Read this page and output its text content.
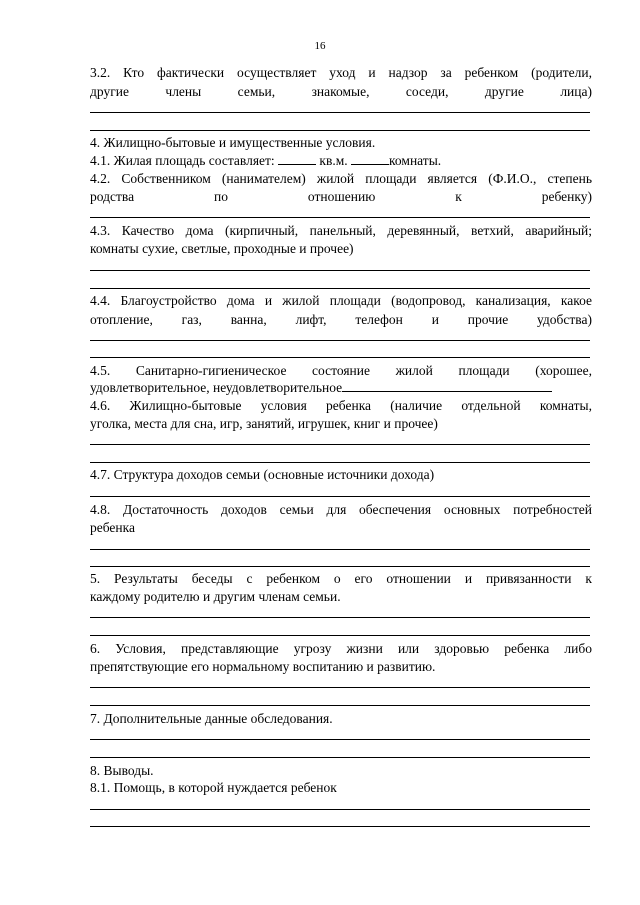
16
3.2. Кто фактически осуществляет уход и надзор за ребенком (родители,
другие члены семьи, знакомые, соседи, другие лица)
4. Жилищно-бытовые и имущественные условия.
4.1. Жилая площадь составляет:	кв.м.	комнаты.
4.2. Собственником (нанимателем) жилой площади является (Ф.И.О., степень
родства по отношению к ребенку)
4.3. Качество дома (кирпичный, панельный, деревянный, ветхий, аварийный;
комнаты сухие, светлые, проходные и прочее)
4.4. Благоустройство дома и жилой площади (водопровод, канализация, какое
отопление, газ, ванна, лифт, телефон и прочие удобства)
4.5. Санитарно-гигиеническое состояние жилой площади (хорошее,
удовлетворительное, неудовлетворительное
4.6. Жилищно-бытовые условия ребенка (наличие отдельной комнаты,
уголка, места для сна, игр, занятий, игрушек, книг и прочее)
4.7. Структура доходов семьи (основные источники дохода)
4.8. Достаточность доходов семьи для обеспечения основных потребностей
ребенка
5. Результаты беседы с ребенком о его отношении и привязанности к
каждому родителю и другим членам семьи.
6. Условия, представляющие угрозу жизни или здоровью ребенка либо
препятствующие его нормальному воспитанию и развитию.
7. Дополнительные данные обследования.
8. Выводы.
8.1. Помощь, в которой нуждается ребенок
